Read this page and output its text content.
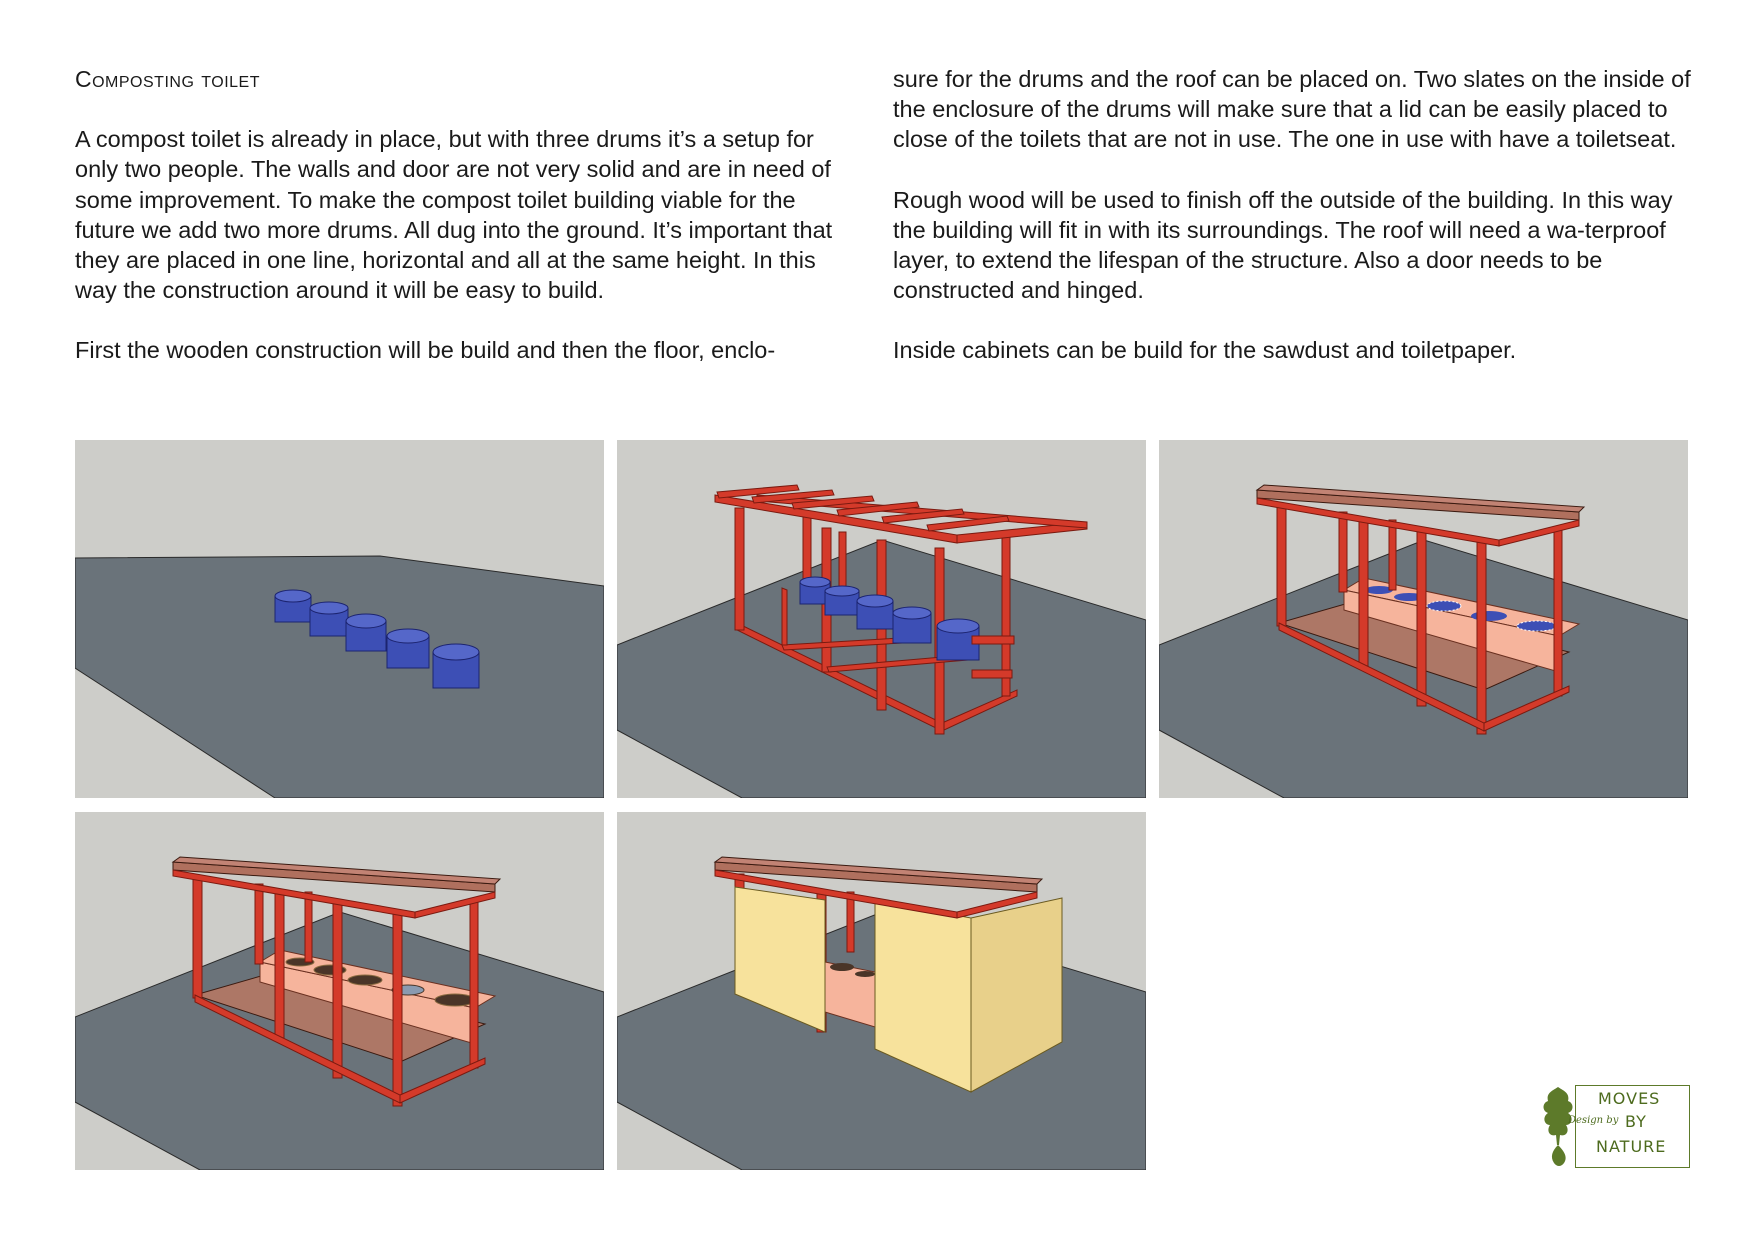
Composting toilet

A compost toilet is already in place, but with three drums it’s a setup for only two people. The walls and door are not very solid and are in need of some improvement. To make the compost toilet building viable for the future we add two more drums. All dug into the ground. It’s important that they are placed in one line, horizontal and all at the same height. In this way the construction around it will be easy to build.

First the wooden construction will be build and then the floor, enclo-

sure for the drums and the roof can be placed on. Two slates on the inside of the enclosure of the drums will make sure that a lid can be easily placed to close of the toilets that are not in use. The one in use with have a toiletseat.

Rough wood will be used to finish off the outside of the building. In this way the building will fit in with its surroundings. The roof will need a wa-terproof layer, to extend the lifespan of the structure. Also a door needs to be constructed and hinged.

Inside cabinets can be build for the sawdust and toiletpaper.

MOVES
Design by BY
NATURE
